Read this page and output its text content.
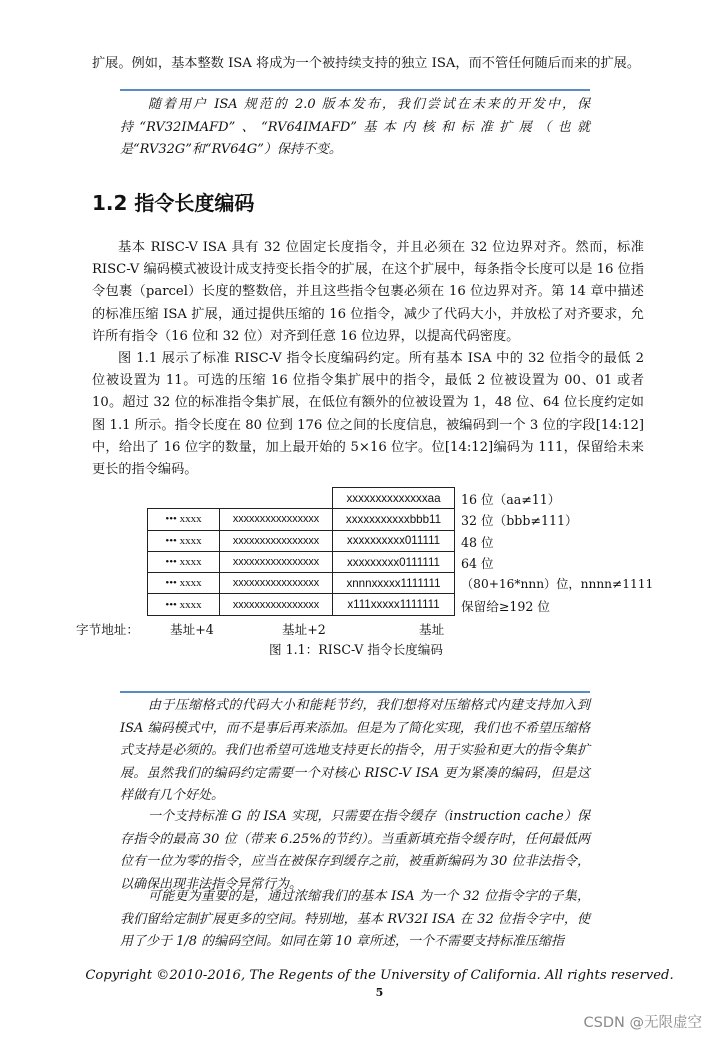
扩展。例如，基本整数 ISA 将成为一个被持续支持的独立 ISA，而不管任何随后而来的扩展。
随着用户 ISA 规范的 2.0 版本发布，我们尝试在未来的开发中，保持“RV32IMAFD”、“RV64IMAFD”基本内核和标准扩展（也就是“RV32G”和“RV64G”）保持不变。
1.2 指令长度编码
基本 RISC-V ISA 具有 32 位固定长度指令，并且必须在 32 位边界对齐。然而，标准 RISC-V 编码模式被设计成支持变长指令的扩展，在这个扩展中，每条指令长度可以是 16 位指令包裹（parcel）长度的整数倍，并且这些指令包裹必须在 16 位边界对齐。第 14 章中描述的标准压缩 ISA 扩展，通过提供压缩的 16 位指令，减少了代码大小，并放松了对齐要求，允许所有指令（16 位和 32 位）对齐到任意 16 位边界，以提高代码密度。
图 1.1 展示了标准 RISC-V 指令长度编码约定。所有基本 ISA 中的 32 位指令的最低 2 位被设置为 11。可选的压缩 16 位指令集扩展中的指令，最低 2 位被设置为 00、01 或者 10。超过 32 位的标准指令集扩展，在低位有额外的位被设置为 1，48 位、64 位长度约定如图 1.1 所示。指令长度在 80 位到 176 位之间的长度信息，被编码到一个 3 位的字段[14:12]中，给出了 16 位字的数量，加上最开始的 5×16 位字。位[14:12]编码为 111，保留给未来更长的指令编码。
		xxxxxxxxxxxxxxaa
••• xxxx	xxxxxxxxxxxxxxxx	xxxxxxxxxxxbbb11
••• xxxx	xxxxxxxxxxxxxxxx	xxxxxxxxxx011111
••• xxxx	xxxxxxxxxxxxxxxx	xxxxxxxxx0111111
••• xxxx	xxxxxxxxxxxxxxxx	xnnnxxxxx1111111
••• xxxx	xxxxxxxxxxxxxxxx	x111xxxxx1111111
16 位（aa≠11）
32 位（bbb≠111）
48 位
64 位
（80+16*nnn）位，nnnn≠1111
保留给≥192 位
字节地址： 基址+4	基址+2	基址
图 1.1：RISC-V 指令长度编码
由于压缩格式的代码大小和能耗节约，我们想将对压缩格式内建支持加入到 ISA 编码模式中，而不是事后再来添加。但是为了简化实现，我们也不希望压缩格式支持是必须的。我们也希望可选地支持更长的指令，用于实验和更大的指令集扩展。虽然我们的编码约定需要一个对核心 RISC-V ISA 更为紧凑的编码，但是这样做有几个好处。
一个支持标准 G 的 ISA 实现，只需要在指令缓存（instruction cache）保存指令的最高 30 位（带来 6.25%的节约）。当重新填充指令缓存时，任何最低两位有一位为零的指令，应当在被保存到缓存之前，被重新编码为 30 位非法指令，以确保出现非法指令异常行为。
可能更为重要的是，通过浓缩我们的基本 ISA 为一个 32 位指令字的子集，我们留给定制扩展更多的空间。特别地，基本 RV32I ISA 在 32 位指令字中，使用了少于 1/8 的编码空间。如同在第 10 章所述，一个不需要支持标准压缩指
Copyright ©2010-2016, The Regents of the University of California. All rights reserved.
5
CSDN @无限虚空
